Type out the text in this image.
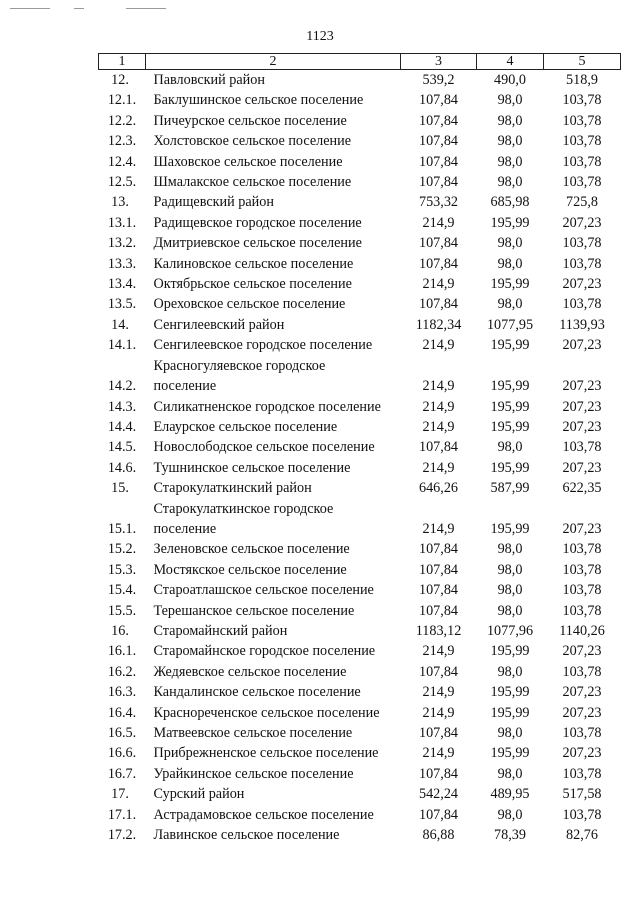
1123
1	2	3	4	5
12.	Павловский район	539,2	490,0	518,9
12.1.	Баклушинское сельское поселение	107,84	98,0	103,78
12.2.	Пичеурское сельское поселение	107,84	98,0	103,78
12.3.	Холстовское сельское поселение	107,84	98,0	103,78
12.4.	Шаховское сельское поселение	107,84	98,0	103,78
12.5.	Шмалакское сельское поселение	107,84	98,0	103,78
13.	Радищевский район	753,32	685,98	725,8
13.1.	Радищевское городское поселение	214,9	195,99	207,23
13.2.	Дмитриевское сельское поселение	107,84	98,0	103,78
13.3.	Калиновское сельское поселение	107,84	98,0	103,78
13.4.	Октябрьское сельское поселение	214,9	195,99	207,23
13.5.	Ореховское сельское поселение	107,84	98,0	103,78
14.	Сенгилеевский район	1182,34	1077,95	1139,93
14.1.	Сенгилеевское городское поселение	214,9	195,99	207,23
14.2.	Красногуляевское городское
поселение	214,9	195,99	207,23
14.3.	Силикатненское городское поселение	214,9	195,99	207,23
14.4.	Елаурское сельское поселение	214,9	195,99	207,23
14.5.	Новослободское сельское поселение	107,84	98,0	103,78
14.6.	Тушнинское сельское поселение	214,9	195,99	207,23
15.	Старокулаткинский район	646,26	587,99	622,35
15.1.	Старокулаткинское городское
поселение	214,9	195,99	207,23
15.2.	Зеленовское сельское поселение	107,84	98,0	103,78
15.3.	Мостякское сельское поселение	107,84	98,0	103,78
15.4.	Староатлашское сельское поселение	107,84	98,0	103,78
15.5.	Терешанское сельское поселение	107,84	98,0	103,78
16.	Старомайнский район	1183,12	1077,96	1140,26
16.1.	Старомайнское городское поселение	214,9	195,99	207,23
16.2.	Жедяевское сельское поселение	107,84	98,0	103,78
16.3.	Кандалинское сельское поселение	214,9	195,99	207,23
16.4.	Краснореченское сельское поселение	214,9	195,99	207,23
16.5.	Матвеевское сельское поселение	107,84	98,0	103,78
16.6.	Прибрежненское сельское поселение	214,9	195,99	207,23
16.7.	Урайкинское сельское поселение	107,84	98,0	103,78
17.	Сурский район	542,24	489,95	517,58
17.1.	Астрадамовское сельское поселение	107,84	98,0	103,78
17.2.	Лавинское сельское поселение	86,88	78,39	82,76
